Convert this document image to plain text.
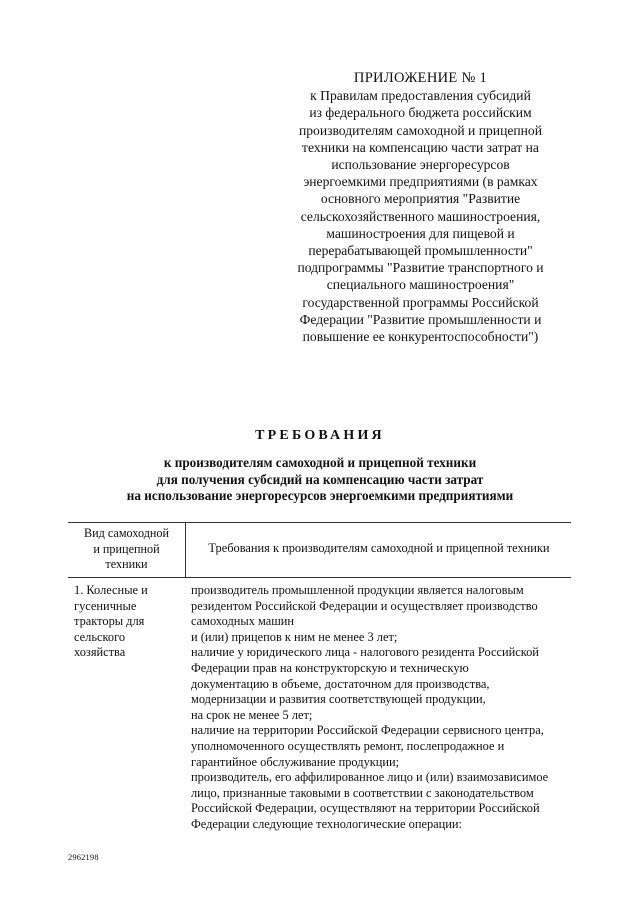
ПРИЛОЖЕНИЕ № 1
к Правилам предоставления субсидий
из федерального бюджета российским
производителям самоходной и прицепной
техники на компенсацию части затрат на
использование энергоресурсов
энергоемкими предприятиями (в рамках
основного мероприятия "Развитие
сельскохозяйственного машиностроения,
машиностроения для пищевой и
перерабатывающей промышленности"
подпрограммы "Развитие транспортного и
специального машиностроения"
государственной программы Российской
Федерации "Развитие промышленности и
повышение ее конкурентоспособности")
ТРЕБОВАНИЯ
к производителям самоходной и прицепной техники
для получения субсидий на компенсацию части затрат
на использование энергоресурсов энергоемкими предприятиями
Вид самоходной
и прицепной
техники
Требования к производителям самоходной и прицепной техники
1. Колесные и
гусеничные
тракторы для
сельского
хозяйства
производитель промышленной продукции является налоговым
резидентом Российской Федерации и осуществляет производство
самоходных машин
и (или) прицепов к ним не менее 3 лет;
наличие у юридического лица - налогового резидента Российской
Федерации прав на конструкторскую и техническую
документацию в объеме, достаточном для производства,
модернизации и развития соответствующей продукции,
на срок не менее 5 лет;
наличие на территории Российской Федерации сервисного центра,
уполномоченного осуществлять ремонт, послепродажное и
гарантийное обслуживание продукции;
производитель, его аффилированное лицо и (или) взаимозависимое
лицо, признанные таковыми в соответствии с законодательством
Российской Федерации, осуществляют на территории Российской
Федерации следующие технологические операции:
2962198
